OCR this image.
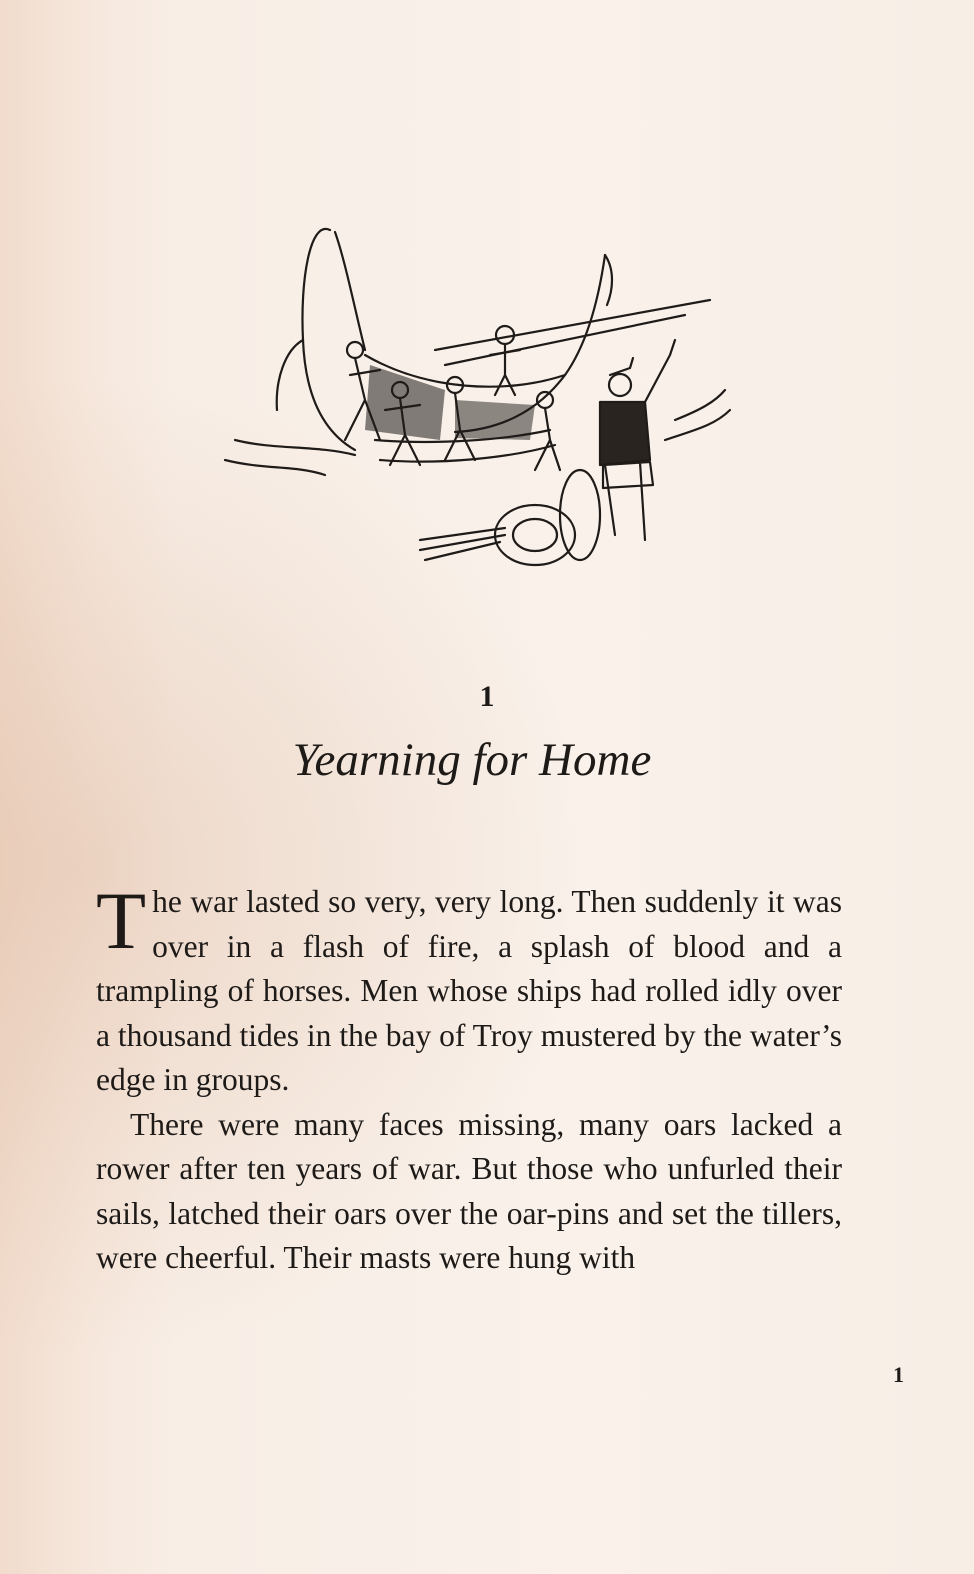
1
Yearning for Home

The war lasted so very, very long. Then suddenly it was over in a flash of fire, a splash of blood and a trampling of horses. Men whose ships had rolled idly over a thousand tides in the bay of Troy mustered by the water’s edge in groups.

There were many faces missing, many oars lacked a rower after ten years of war. But those who unfurled their sails, latched their oars over the oar-pins and set the tillers, were cheerful. Their masts were hung with

1
